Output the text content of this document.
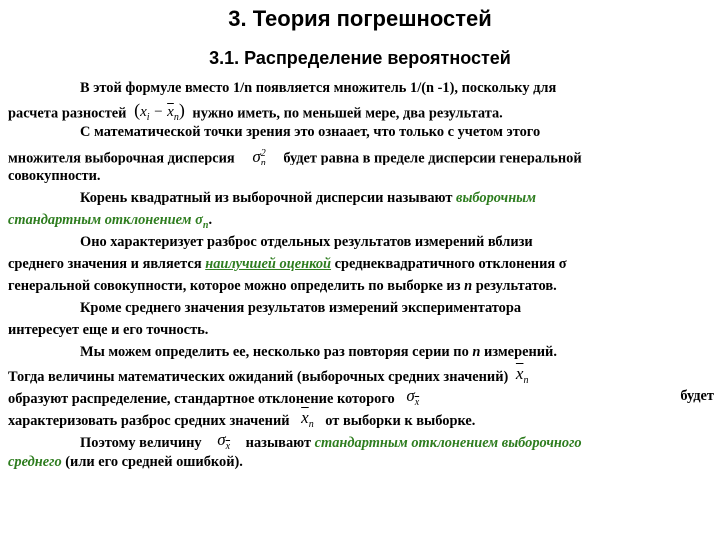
3. Теория погрешностей
3.1. Распределение вероятностей
В этой формуле вместо 1/n появляется множитель 1/(n -1), поскольку для
расчета разностей $(x_i - \overline{x}_n)$ нужно иметь, по меньшей мере, два результата.
С математической точки зрения это ознаает, что только с учетом этого
множителя выборочная дисперсия $\sigma^2_n$ будет равна в пределе дисперсии генеральной
совокупности.
Корень квадратный из выборочной дисперсии называют выборочным
стандартным отклонением $\sigma_n$.
Оно характеризует разброс отдельных результатов измерений вблизи
среднего значения и является наилучшей оценкой среднеквадратичного отклонения σ
генеральной совокупности, которое можно определить по выборке из n результатов.
Кроме среднего значения результатов измерений экспериментатора
интересует еще и его точность.
Мы можем определить ее, несколько раз повторяя серии по n измерений.
Тогда величины математических ожиданий (выборочных средних значений) $\overline{x}_n$
образуют распределение, стандартное отклонение которого $\sigma_{\overline{x}}$	будет
характеризовать разброс средних значений $\overline{x}_n$ от выборки к выборке.
Поэтому величину $\sigma_{\overline{x}}$ называют стандартным отклонением выборочного
среднего (или его средней ошибкой).
